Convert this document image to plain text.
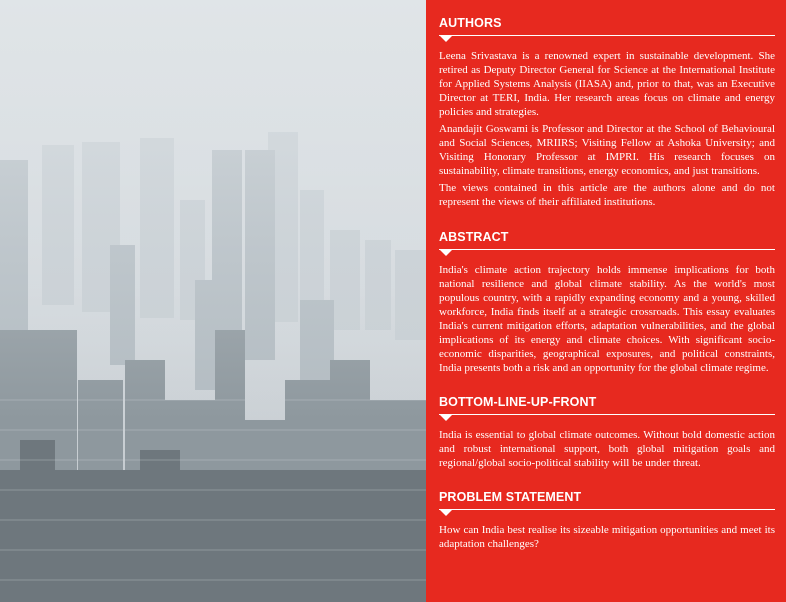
AUTHORS

Leena Srivastava is a renowned expert in sustainable development. She retired as Deputy Director General for Science at the International Institute for Applied Systems Analysis (IIASA) and, prior to that, was an Executive Director at TERI, India. Her research areas focus on climate and energy policies and strategies.

Anandajit Goswami is Professor and Director at the School of Behavioural and Social Sciences, MRIIRS; Visiting Fellow at Ashoka University; and Visiting Honorary Professor at IMPRI. His research focuses on sustainability, climate transitions, energy economics, and just transitions.

The views contained in this article are the authors alone and do not represent the views of their affiliated institutions.

ABSTRACT

India's climate action trajectory holds immense implications for both national resilience and global climate stability. As the world's most populous country, with a rapidly expanding economy and a young, skilled workforce, India finds itself at a strategic crossroads. This essay evaluates India's current mitigation efforts, adaptation vulnerabilities, and the global implications of its energy and climate choices. With significant socio-economic disparities, geographical exposures, and political constraints, India presents both a risk and an opportunity for the global climate regime.

BOTTOM-LINE-UP-FRONT

India is essential to global climate outcomes. Without bold domestic action and robust international support, both global mitigation goals and regional/global socio-political stability will be under threat.

PROBLEM STATEMENT

How can India best realise its sizeable mitigation opportunities and meet its adaptation challenges?
